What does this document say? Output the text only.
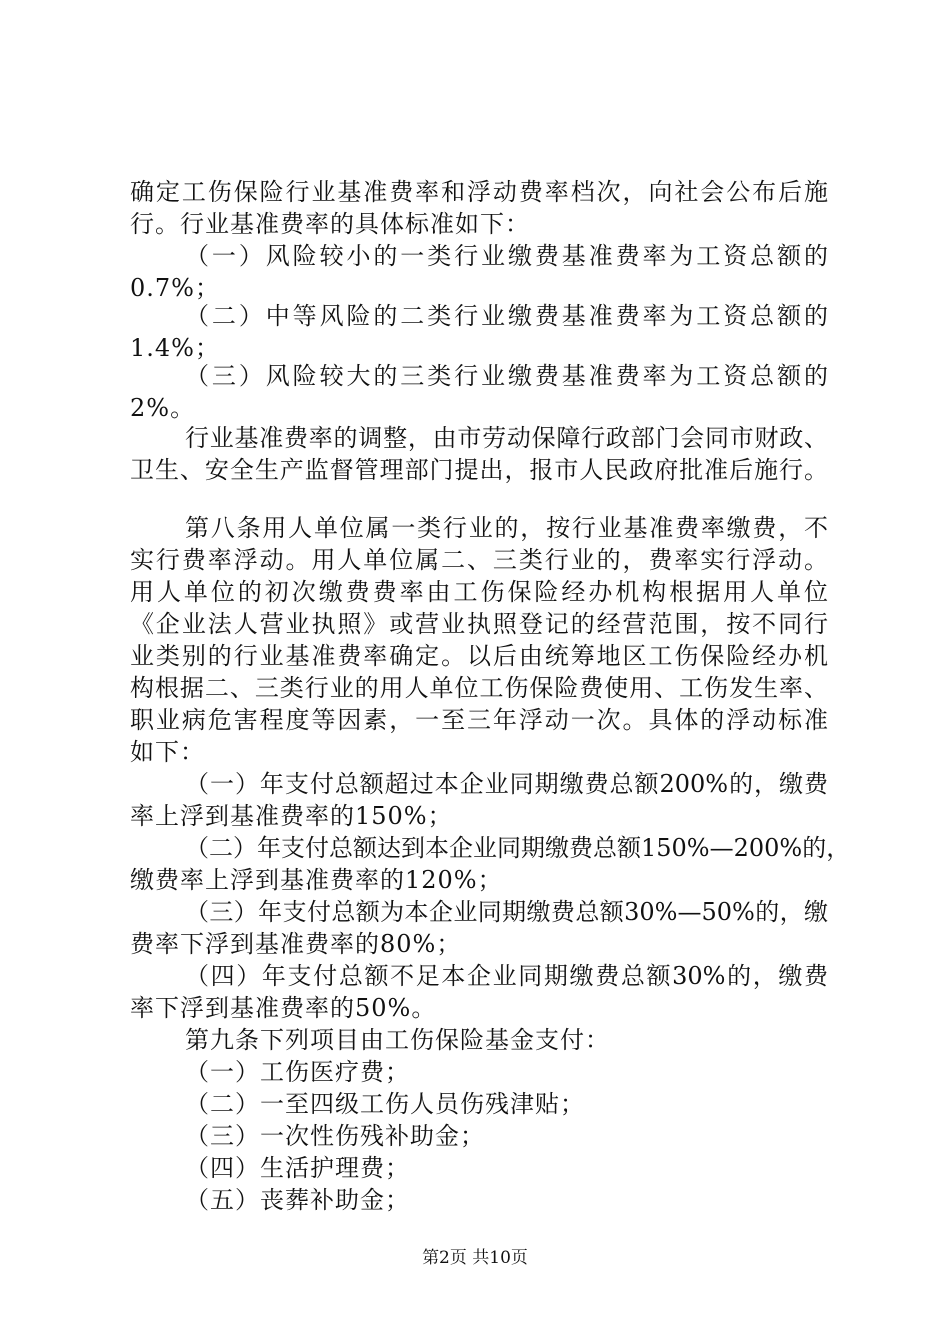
确定工伤保险行业基准费率和浮动费率档次，向社会公布后施
行。行业基准费率的具体标准如下：
（一）风险较小的一类行业缴费基准费率为工资总额的
0.7%；
（二）中等风险的二类行业缴费基准费率为工资总额的
1.4%；
（三）风险较大的三类行业缴费基准费率为工资总额的
2%。
行业基准费率的调整，由市劳动保障行政部门会同市财政、
卫生、安全生产监督管理部门提出，报市人民政府批准后施行。
第八条用人单位属一类行业的，按行业基准费率缴费，不
实行费率浮动。用人单位属二、三类行业的，费率实行浮动。
用人单位的初次缴费费率由工伤保险经办机构根据用人单位
《企业法人营业执照》或营业执照登记的经营范围，按不同行
业类别的行业基准费率确定。以后由统筹地区工伤保险经办机
构根据二、三类行业的用人单位工伤保险费使用、工伤发生率、
职业病危害程度等因素，一至三年浮动一次。具体的浮动标准
如下：
（一）年支付总额超过本企业同期缴费总额200%的，缴费
率上浮到基准费率的150%；
（二）年支付总额达到本企业同期缴费总额150%—200%的，
缴费率上浮到基准费率的120%；
（三）年支付总额为本企业同期缴费总额30%—50%的，缴
费率下浮到基准费率的80%；
（四）年支付总额不足本企业同期缴费总额30%的，缴费
率下浮到基准费率的50%。
第九条下列项目由工伤保险基金支付：
（一）工伤医疗费；
（二）一至四级工伤人员伤残津贴；
（三）一次性伤残补助金；
（四）生活护理费；
（五）丧葬补助金；
第2页 共10页
